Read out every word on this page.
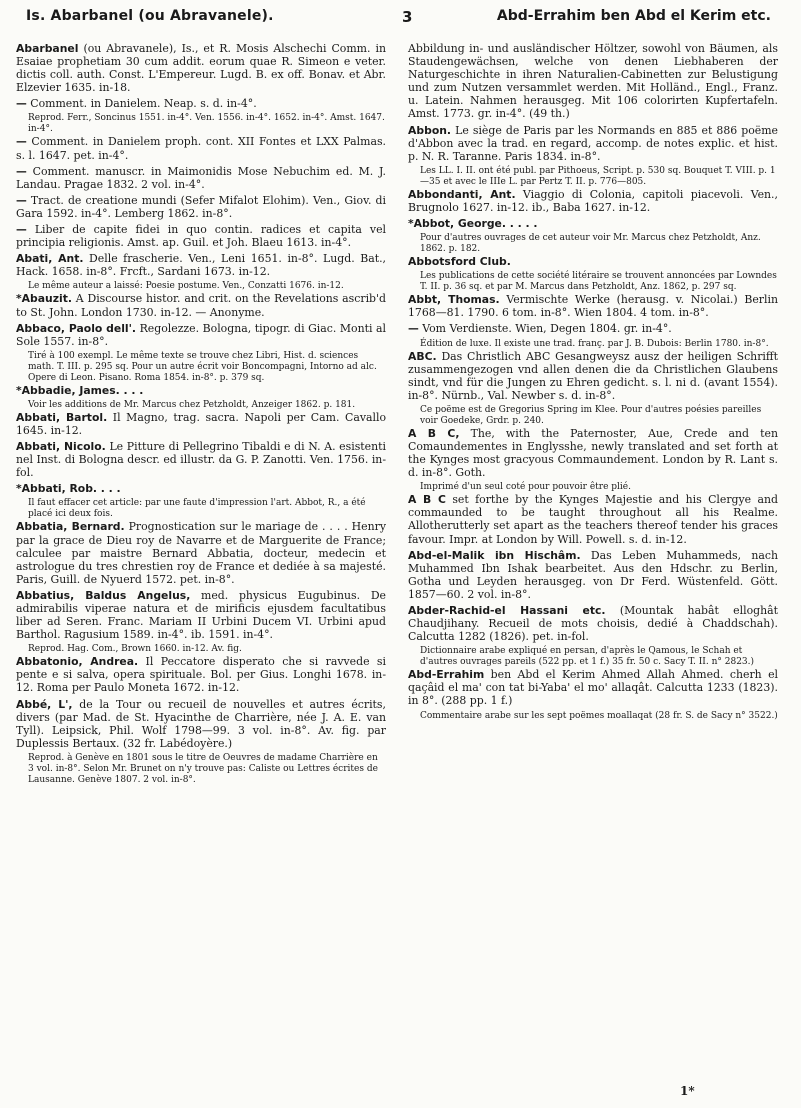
Is. Abarbanel (ou Abravanele).	3	Abd-Errahim ben Abd el Kerim etc.

Abarbanel (ou Abravanele), Is., et R. Mosis Alschechi Comm. in Esaiae prophetiam 30 cum addit. eorum quae R. Simeon e veter. dictis coll. auth. Const. L'Empereur. Lugd. B. ex off. Bonav. et Abr. Elzevier 1635. in-18.

— Comment. in Danielem. Neap. s. d. in-4°.

Reprod. Ferr., Soncinus 1551. in-4°. Ven. 1556. in-4°. 1652. in-4°. Amst. 1647. in-4°.

— Comment. in Danielem proph. cont. XII Fontes et LXX Palmas. s. l. 1647. pet. in-4°.

— Comment. manuscr. in Maimonidis Mose Nebuchim ed. M. J. Landau. Pragae 1832. 2 vol. in-4°.

— Tract. de creatione mundi (Sefer Mifalot Elohim). Ven., Giov. di Gara 1592. in-4°. Lemberg 1862. in-8°.

— Liber de capite fidei in quo contin. radices et capita vel principia religionis. Amst. ap. Guil. et Joh. Blaeu 1613. in-4°.

Abati, Ant. Delle frascherie. Ven., Leni 1651. in-8°. Lugd. Bat., Hack. 1658. in-8°. Frcft., Sardani 1673. in-12.

Le même auteur a laissé: Poesie postume. Ven., Conzatti 1676. in-12.

*Abauzit. A Discourse histor. and crit. on the Revelations ascrib'd to St. John. London 1730. in-12. — Anonyme.

Abbaco, Paolo dell'. Regolezze. Bologna, tipogr. di Giac. Monti al Sole 1557. in-8°.

Tiré à 100 exempl. Le même texte se trouve chez Libri, Hist. d. sciences math. T. III. p. 295 sq. Pour un autre écrit voir Boncompagni, Intorno ad alc. Opere di Leon. Pisano. Roma 1854. in-8°. p. 379 sq.

*Abbadie, James. . . .

Voir les additions de Mr. Marcus chez Petzholdt, Anzeiger 1862. p. 181.

Abbati, Bartol. Il Magno, trag. sacra. Napoli per Cam. Cavallo 1645. in-12.

Abbati, Nicolo. Le Pitture di Pellegrino Tibaldi e di N. A. esistenti nel Inst. di Bologna descr. ed illustr. da G. P. Zanotti. Ven. 1756. in-fol.

*Abbati, Rob. . . .

Il faut effacer cet article: par une faute d'impression l'art. Abbot, R., a été placé ici deux fois.

Abbatia, Bernard. Prognostication sur le mariage de . . . . Henry par la grace de Dieu roy de Navarre et de Marguerite de France; calculee par maistre Bernard Abbatia, docteur, medecin et astrologue du tres chrestien roy de France et dediée à sa majesté. Paris, Guill. de Nyuerd 1572. pet. in-8°.

Abbatius, Baldus Angelus, med. physicus Eugubinus. De admirabilis viperae natura et de mirificis ejusdem facultatibus liber ad Seren. Franc. Mariam II Urbini Ducem VI. Urbini apud Barthol. Ragusium 1589. in-4°. ib. 1591. in-4°.

Reprod. Hag. Com., Brown 1660. in-12. Av. fig.

Abbatonio, Andrea. Il Peccatore disperato che si ravvede si pente e si salva, opera spirituale. Bol. per Gius. Longhi 1678. in-12. Roma per Paulo Moneta 1672. in-12.

Abbé, L', de la Tour ou recueil de nouvelles et autres écrits, divers (par Mad. de St. Hyacinthe de Charrière, née J. A. E. van Tyll). Leipsick, Phil. Wolf 1798—99. 3 vol. in-8°. Av. fig. par Duplessis Bertaux. (32 fr. Labédoyère.)

Reprod. à Genève en 1801 sous le titre de Oeuvres de madame Charrière en 3 vol. in-8°. Selon Mr. Brunet on n'y trouve pas: Caliste ou Lettres écrites de Lausanne. Genève 1807. 2 vol. in-8°.

Abbildung in- und ausländischer Höltzer, sowohl von Bäumen, als Staudengewächsen, welche von denen Liebhaberen der Naturgeschichte in ihren Naturalien-Cabinetten zur Belustigung und zum Nutzen versammlet werden. Mit Holländ., Engl., Franz. u. Latein. Nahmen herausgeg. Mit 106 colorirten Kupfertafeln. Amst. 1773. gr. in-4°. (49 th.)

Abbon. Le siège de Paris par les Normands en 885 et 886 poëme d'Abbon avec la trad. en regard, accomp. de notes explic. et hist. p. N. R. Taranne. Paris 1834. in-8°.

Les LL. I. II. ont été publ. par Pithoeus, Script. p. 530 sq. Bouquet T. VIII. p. 1—35 et avec le IIIe L. par Pertz T. II. p. 776—805.

Abbondanti, Ant. Viaggio di Colonia, capitoli piacevoli. Ven., Brugnolo 1627. in-12. ib., Baba 1627. in-12.

*Abbot, George. . . . .

Pour d'autres ouvrages de cet auteur voir Mr. Marcus chez Petzholdt, Anz. 1862. p. 182.

Abbotsford Club.

Les publications de cette société litéraire se trouvent annoncées par Lowndes T. II. p. 36 sq. et par M. Marcus dans Petzholdt, Anz. 1862, p. 297 sq.

Abbt, Thomas. Vermischte Werke (herausg. v. Nicolai.) Berlin 1768—81. 1790. 6 tom. in-8°. Wien 1804. 4 tom. in-8°.

— Vom Verdienste. Wien, Degen 1804. gr. in-4°.

Édition de luxe. Il existe une trad. franç. par J. B. Dubois: Berlin 1780. in-8°.

ABC. Das Christlich ABC Gesangweysz ausz der heiligen Schrifft zusammengezogen vnd allen denen die da Christlichen Glaubens sindt, vnd für die Jungen zu Ehren gedicht. s. l. ni d. (avant 1554). in-8°. Nürnb., Val. Newber s. d. in-8°.

Ce poëme est de Gregorius Spring im Klee. Pour d'autres poésies pareilles voir Goedeke, Grdr. p. 240.

A B C, The, with the Paternoster, Aue, Crede and ten Comaundementes in Englysshe, newly translated and set forth at the Kynges most gracyous Commaundement. London by R. Lant s. d. in-8°. Goth.

Imprimé d'un seul coté pour pouvoir être plié.

A B C set forthe by the Kynges Majestie and his Clergye and commaunded to be taught throughout all his Realme. Allotherutterly set apart as the teachers thereof tender his graces favour. Impr. at London by Will. Powell. s. d. in-12.

Abd-el-Malik ibn Hischâm. Das Leben Muhammeds, nach Muhammed Ibn Ishak bearbeitet. Aus den Hdschr. zu Berlin, Gotha und Leyden herausgeg. von Dr Ferd. Wüstenfeld. Gött. 1857—60. 2 vol. in-8°.

Abder-Rachid-el Hassani etc. (Mountak habât elloghât Chaudjihany. Recueil de mots choisis, dedié à Chaddschah). Calcutta 1282 (1826). pet. in-fol.

Dictionnaire arabe expliqué en persan, d'après le Qamous, le Schah et d'autres ouvrages pareils (522 pp. et 1 f.) 35 fr. 50 c. Sacy T. II. n° 2823.)

Abd-Errahim ben Abd el Kerim Ahmed Allah Ahmed. cherh el qaçâid el ma' con tat bi-Yaba' el mo' allaqât. Calcutta 1233 (1823). in 8°. (288 pp. 1 f.)

Commentaire arabe sur les sept poëmes moallaqat (28 fr. S. de Sacy n° 3522.)

1*
